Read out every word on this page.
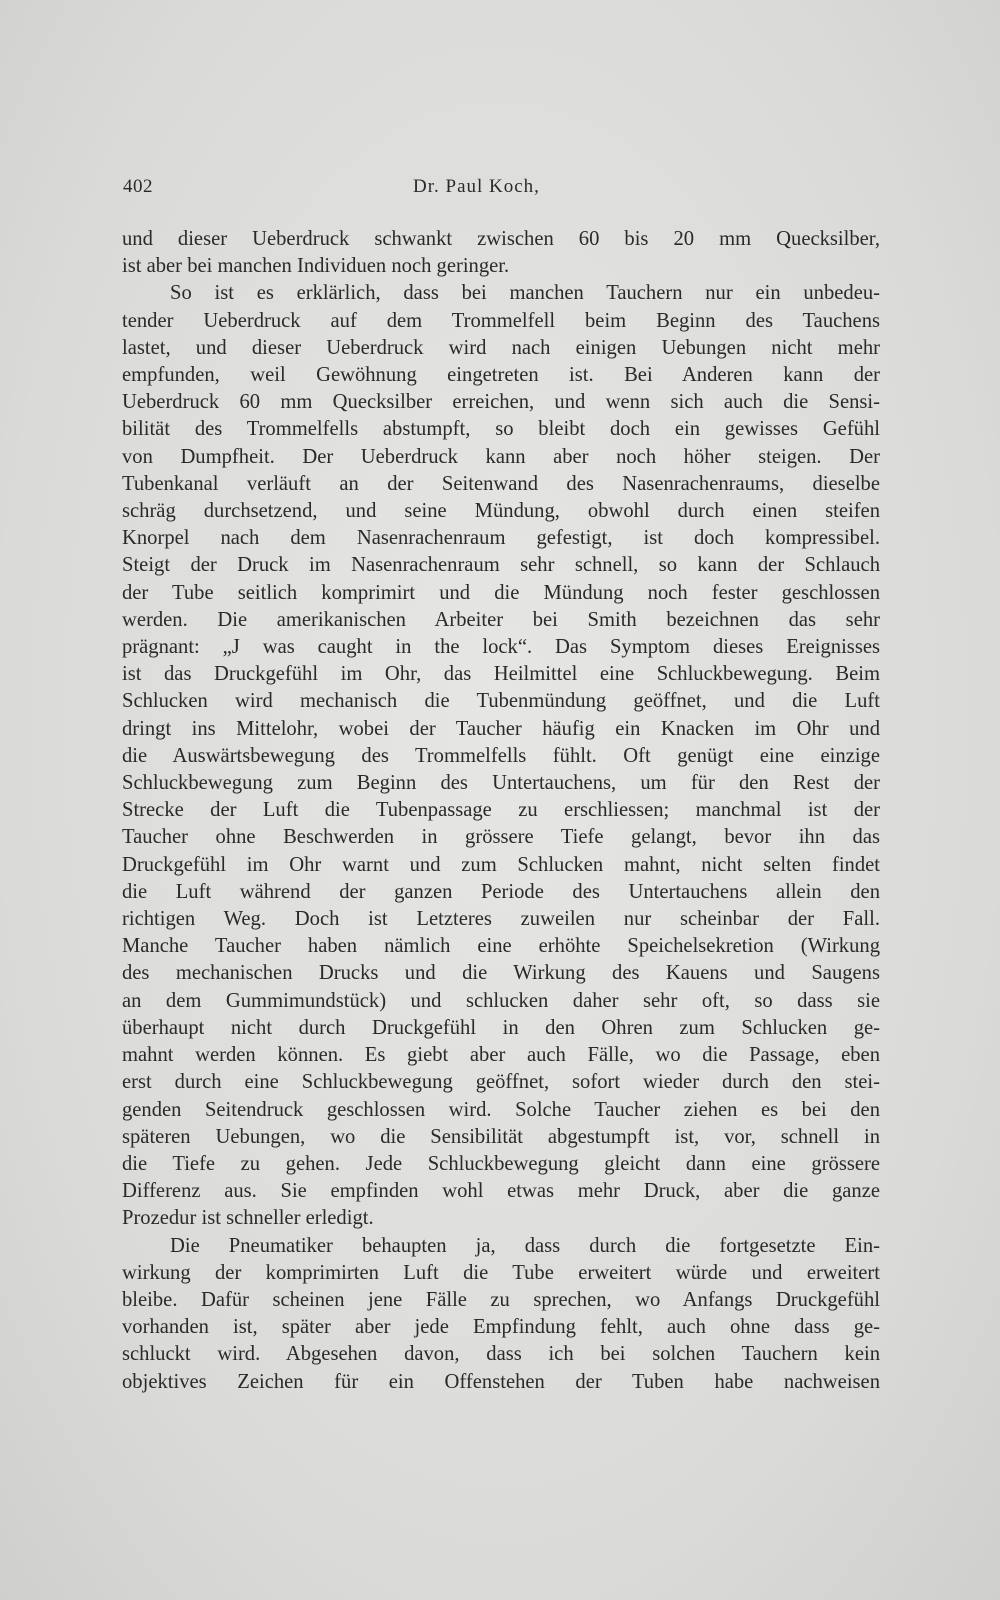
402	Dr. Paul Koch,
und dieser Ueberdruck schwankt zwischen 60 bis 20 mm Quecksilber,
ist aber bei manchen Individuen noch geringer.
So ist es erklärlich, dass bei manchen Tauchern nur ein unbedeu-
tender Ueberdruck auf dem Trommelfell beim Beginn des Tauchens
lastet, und dieser Ueberdruck wird nach einigen Uebungen nicht mehr
empfunden, weil Gewöhnung eingetreten ist. Bei Anderen kann der
Ueberdruck 60 mm Quecksilber erreichen, und wenn sich auch die Sensi-
bilität des Trommelfells abstumpft, so bleibt doch ein gewisses Gefühl
von Dumpfheit. Der Ueberdruck kann aber noch höher steigen. Der
Tubenkanal verläuft an der Seitenwand des Nasenrachenraums, dieselbe
schräg durchsetzend, und seine Mündung, obwohl durch einen steifen
Knorpel nach dem Nasenrachenraum gefestigt, ist doch kompressibel.
Steigt der Druck im Nasenrachenraum sehr schnell, so kann der Schlauch
der Tube seitlich komprimirt und die Mündung noch fester geschlossen
werden. Die amerikanischen Arbeiter bei Smith bezeichnen das sehr
prägnant: „J was caught in the lock“. Das Symptom dieses Ereignisses
ist das Druckgefühl im Ohr, das Heilmittel eine Schluckbewegung. Beim
Schlucken wird mechanisch die Tubenmündung geöffnet, und die Luft
dringt ins Mittelohr, wobei der Taucher häufig ein Knacken im Ohr und
die Auswärtsbewegung des Trommelfells fühlt. Oft genügt eine einzige
Schluckbewegung zum Beginn des Untertauchens, um für den Rest der
Strecke der Luft die Tubenpassage zu erschliessen; manchmal ist der
Taucher ohne Beschwerden in grössere Tiefe gelangt, bevor ihn das
Druckgefühl im Ohr warnt und zum Schlucken mahnt, nicht selten findet
die Luft während der ganzen Periode des Untertauchens allein den
richtigen Weg. Doch ist Letzteres zuweilen nur scheinbar der Fall.
Manche Taucher haben nämlich eine erhöhte Speichelsekretion (Wirkung
des mechanischen Drucks und die Wirkung des Kauens und Saugens
an dem Gummimundstück) und schlucken daher sehr oft, so dass sie
überhaupt nicht durch Druckgefühl in den Ohren zum Schlucken ge-
mahnt werden können. Es giebt aber auch Fälle, wo die Passage, eben
erst durch eine Schluckbewegung geöffnet, sofort wieder durch den stei-
genden Seitendruck geschlossen wird. Solche Taucher ziehen es bei den
späteren Uebungen, wo die Sensibilität abgestumpft ist, vor, schnell in
die Tiefe zu gehen. Jede Schluckbewegung gleicht dann eine grössere
Differenz aus. Sie empfinden wohl etwas mehr Druck, aber die ganze
Prozedur ist schneller erledigt.
Die Pneumatiker behaupten ja, dass durch die fortgesetzte Ein-
wirkung der komprimirten Luft die Tube erweitert würde und erweitert
bleibe. Dafür scheinen jene Fälle zu sprechen, wo Anfangs Druckgefühl
vorhanden ist, später aber jede Empfindung fehlt, auch ohne dass ge-
schluckt wird. Abgesehen davon, dass ich bei solchen Tauchern kein
objektives Zeichen für ein Offenstehen der Tuben habe nachweisen
